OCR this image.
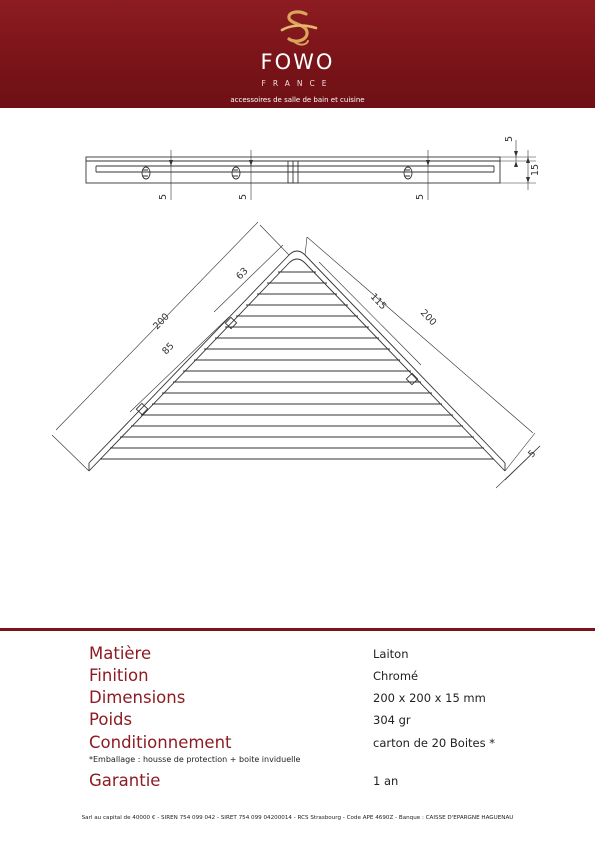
FOWO
FRANCE
accessoires de salle de bain et cuisine
5
15
5	5	5
200
63
85
115
200
5
Matière	Laiton
Finition	Chromé
Dimensions	200 x 200 x 15 mm
Poids	304 gr
Conditionnement	carton de 20 Boites *
*Emballage : housse de protection + boite inviduelle
Garantie	1 an
Sarl au capital de 40000 € - SIREN 754 099 042 - SIRET 754 099 04200014 - RCS Strasbourg - Code APE 4690Z - Banque : CAISSE D'EPARGNE HAGUENAU
